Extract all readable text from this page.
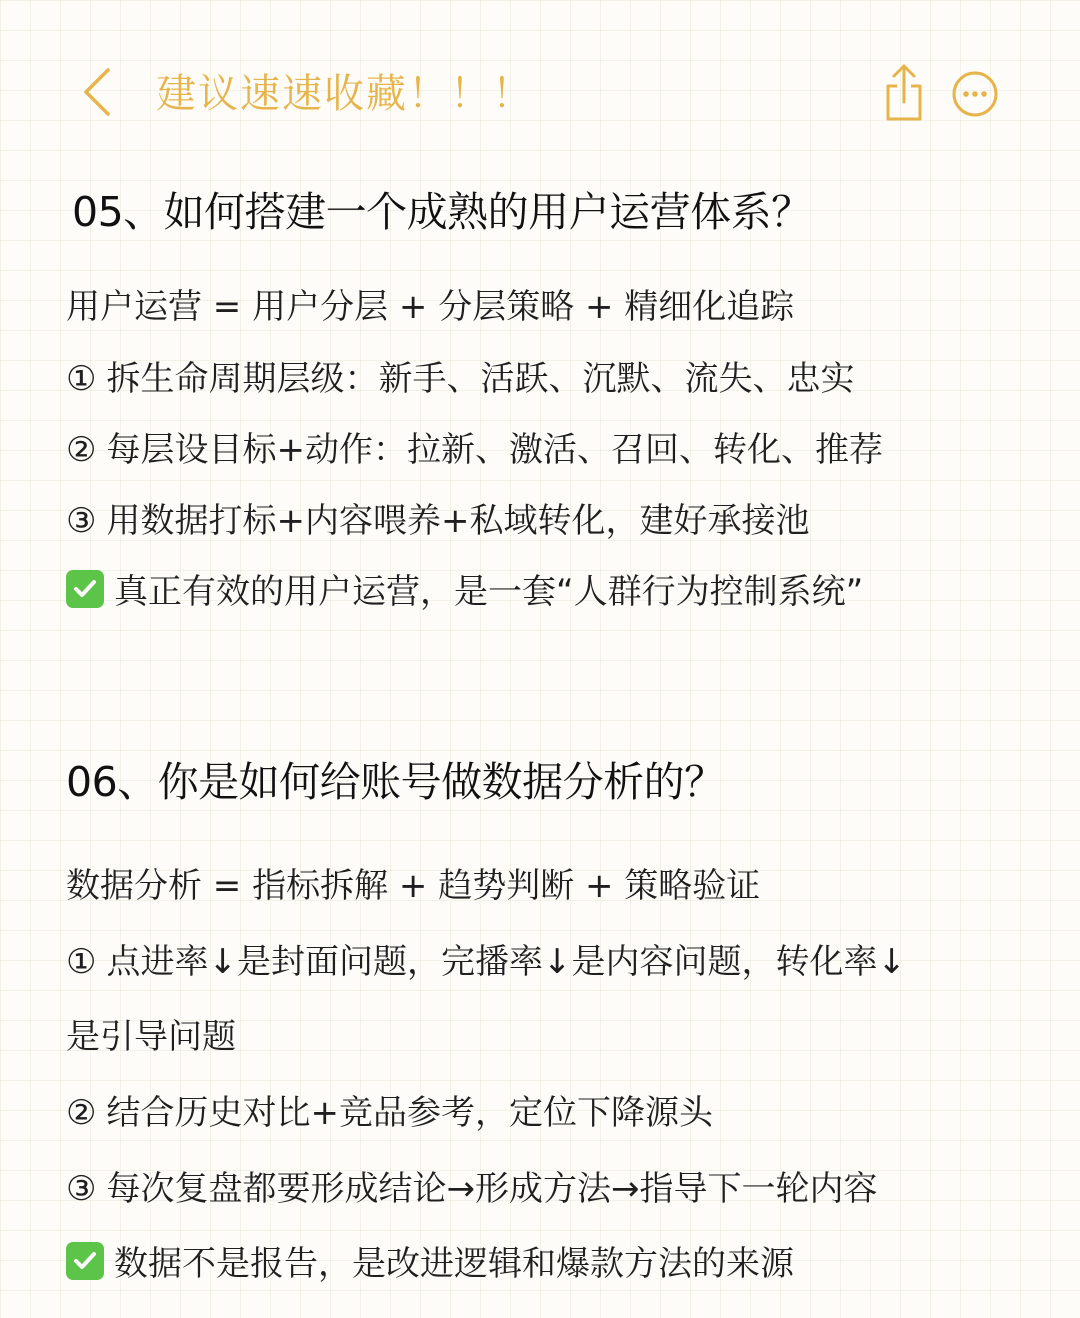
建议速速收藏！！！
05、如何搭建一个成熟的用户运营体系？
用户运营 = 用户分层 + 分层策略 + 精细化追踪
① 拆生命周期层级：新手、活跃、沉默、流失、忠实
② 每层设目标+动作：拉新、激活、召回、转化、推荐
③ 用数据打标+内容喂养+私域转化，建好承接池
真正有效的用户运营，是一套“人群行为控制系统”
06、你是如何给账号做数据分析的？
数据分析 = 指标拆解 + 趋势判断 + 策略验证
① 点进率↓是封面问题，完播率↓是内容问题，转化率↓
是引导问题
② 结合历史对比+竞品参考，定位下降源头
③ 每次复盘都要形成结论→形成方法→指导下一轮内容
数据不是报告，是改进逻辑和爆款方法的来源
